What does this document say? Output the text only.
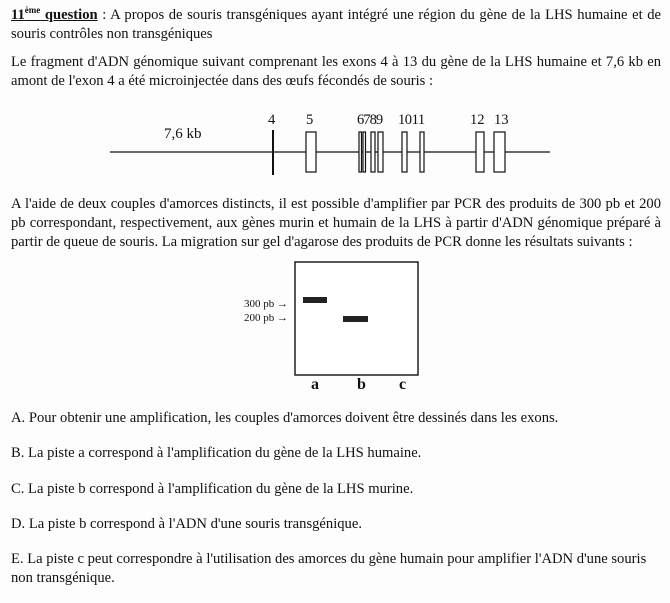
11ème question : A propos de souris transgéniques ayant intégré une région du gène de la LHS humaine et de souris contrôles non transgéniques
Le fragment d'ADN génomique suivant comprenant les exons 4 à 13 du gène de la LHS humaine et 7,6 kb en amont de l'exon 4 a été microinjectée dans des œufs fécondés de souris :
7,6 kb
4 5	6789 1011	12 13
A l'aide de deux couples d'amorces distincts, il est possible d'amplifier par PCR des produits de 300 pb et 200 pb correspondant, respectivement, aux gènes murin et humain de la LHS à partir d'ADN génomique préparé à partir de queue de souris. La migration sur gel d'agarose des produits de PCR donne les résultats suivants :
300 pb →
200 pb →
a b c
A. Pour obtenir une amplification, les couples d'amorces doivent être dessinés dans les exons.
B. La piste a correspond à l'amplification du gène de la LHS humaine.
C. La piste b correspond à l'amplification du gène de la LHS murine.
D. La piste b correspond à l'ADN d'une souris transgénique.
E. La piste c peut correspondre à l'utilisation des amorces du gène humain pour amplifier l'ADN d'une souris non transgénique.
